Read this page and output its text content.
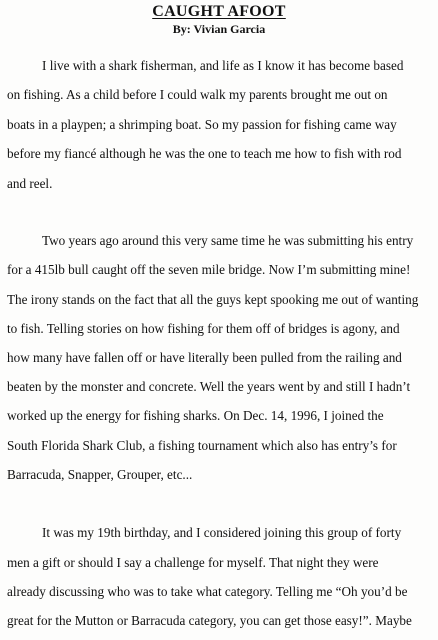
CAUGHT AFOOT
By: Vivian Garcia
I live with a shark fisherman, and life as I know it has become based
on fishing. As a child before I could walk my parents brought me out on
boats in a playpen; a shrimping boat. So my passion for fishing came way
before my fiancé although he was the one to teach me how to fish with rod
and reel.
Two years ago around this very same time he was submitting his entry
for a 415lb bull caught off the seven mile bridge. Now I’m submitting mine!
The irony stands on the fact that all the guys kept spooking me out of wanting
to fish. Telling stories on how fishing for them off of bridges is agony, and
how many have fallen off or have literally been pulled from the railing and
beaten by the monster and concrete. Well the years went by and still I hadn’t
worked up the energy for fishing sharks. On Dec. 14, 1996, I joined the
South Florida Shark Club, a fishing tournament which also has entry’s for
Barracuda, Snapper, Grouper, etc...
It was my 19th birthday, and I considered joining this group of forty
men a gift or should I say a challenge for myself. That night they were
already discussing who was to take what category. Telling me “Oh you’d be
great for the Mutton or Barracuda category, you can get those easy!”. Maybe
